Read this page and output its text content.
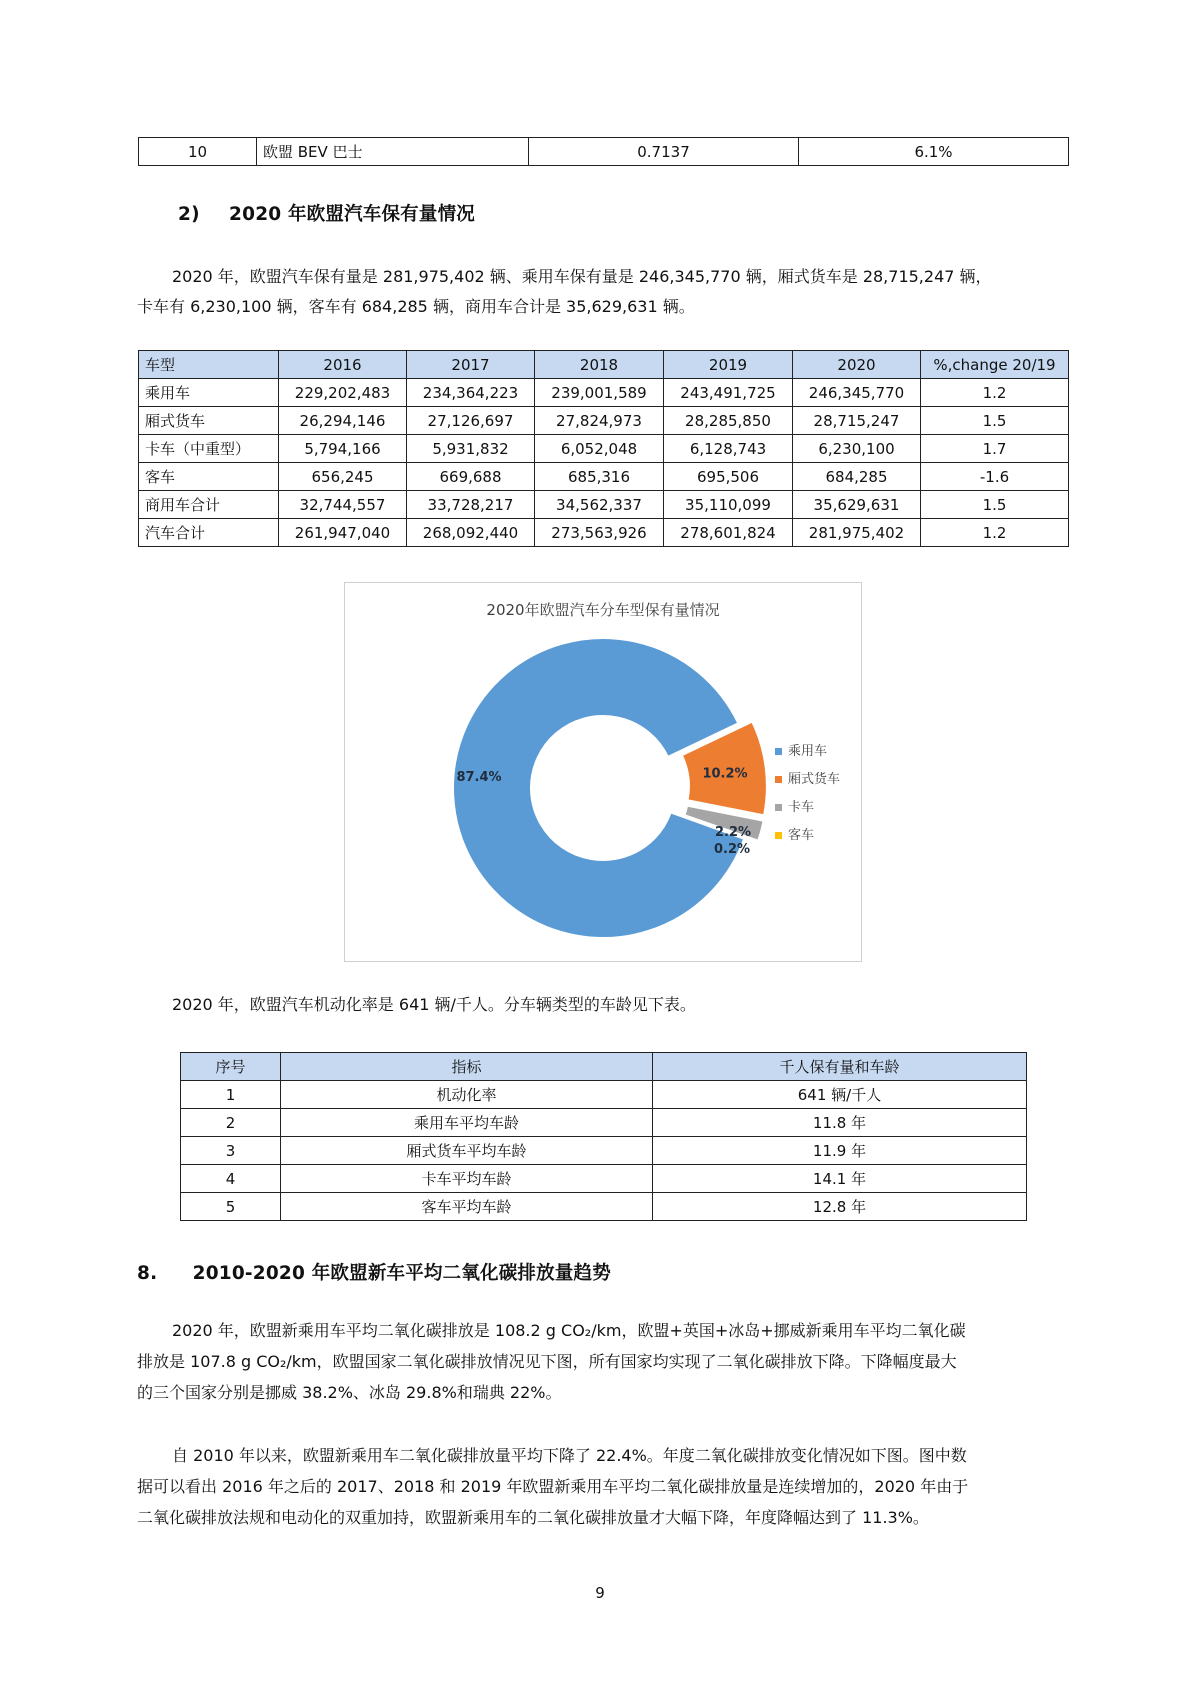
10	欧盟 BEV 巴士	0.7137	6.1%
2) 2020 年欧盟汽车保有量情况
2020 年，欧盟汽车保有量是 281,975,402 辆、乘用车保有量是 246,345,770 辆，厢式货车是 28,715,247 辆，
卡车有 6,230,100 辆，客车有 684,285 辆，商用车合计是 35,629,631 辆。
车型	2016	2017	2018	2019	2020	%,change 20/19
乘用车	229,202,483	234,364,223	239,001,589	243,491,725	246,345,770	1.2
厢式货车	26,294,146	27,126,697	27,824,973	28,285,850	28,715,247	1.5
卡车（中重型）	5,794,166	5,931,832	6,052,048	6,128,743	6,230,100	1.7
客车	656,245	669,688	685,316	695,506	684,285	-1.6
商用车合计	32,744,557	33,728,217	34,562,337	35,110,099	35,629,631	1.5
汽车合计	261,947,040	268,092,440	273,563,926	278,601,824	281,975,402	1.2
2020年欧盟汽车分车型保有量情况
87.4%	10.2%
2.2%
0.2%
乘用车
厢式货车
卡车
客车
2020 年，欧盟汽车机动化率是 641 辆/千人。分车辆类型的车龄见下表。
序号	指标	千人保有量和车龄
1	机动化率	641 辆/千人
2	乘用车平均车龄	11.8 年
3	厢式货车平均车龄	11.9 年
4	卡车平均车龄	14.1 年
5	客车平均车龄	12.8 年
8. 2010-2020 年欧盟新车平均二氧化碳排放量趋势
2020 年，欧盟新乘用车平均二氧化碳排放是 108.2 g CO₂/km，欧盟+英国+冰岛+挪威新乘用车平均二氧化碳
排放是 107.8 g CO₂/km，欧盟国家二氧化碳排放情况见下图，所有国家均实现了二氧化碳排放下降。下降幅度最大
的三个国家分别是挪威 38.2%、冰岛 29.8%和瑞典 22%。
自 2010 年以来，欧盟新乘用车二氧化碳排放量平均下降了 22.4%。年度二氧化碳排放变化情况如下图。图中数
据可以看出 2016 年之后的 2017、2018 和 2019 年欧盟新乘用车平均二氧化碳排放量是连续增加的，2020 年由于
二氧化碳排放法规和电动化的双重加持，欧盟新乘用车的二氧化碳排放量才大幅下降，年度降幅达到了 11.3%。
9
